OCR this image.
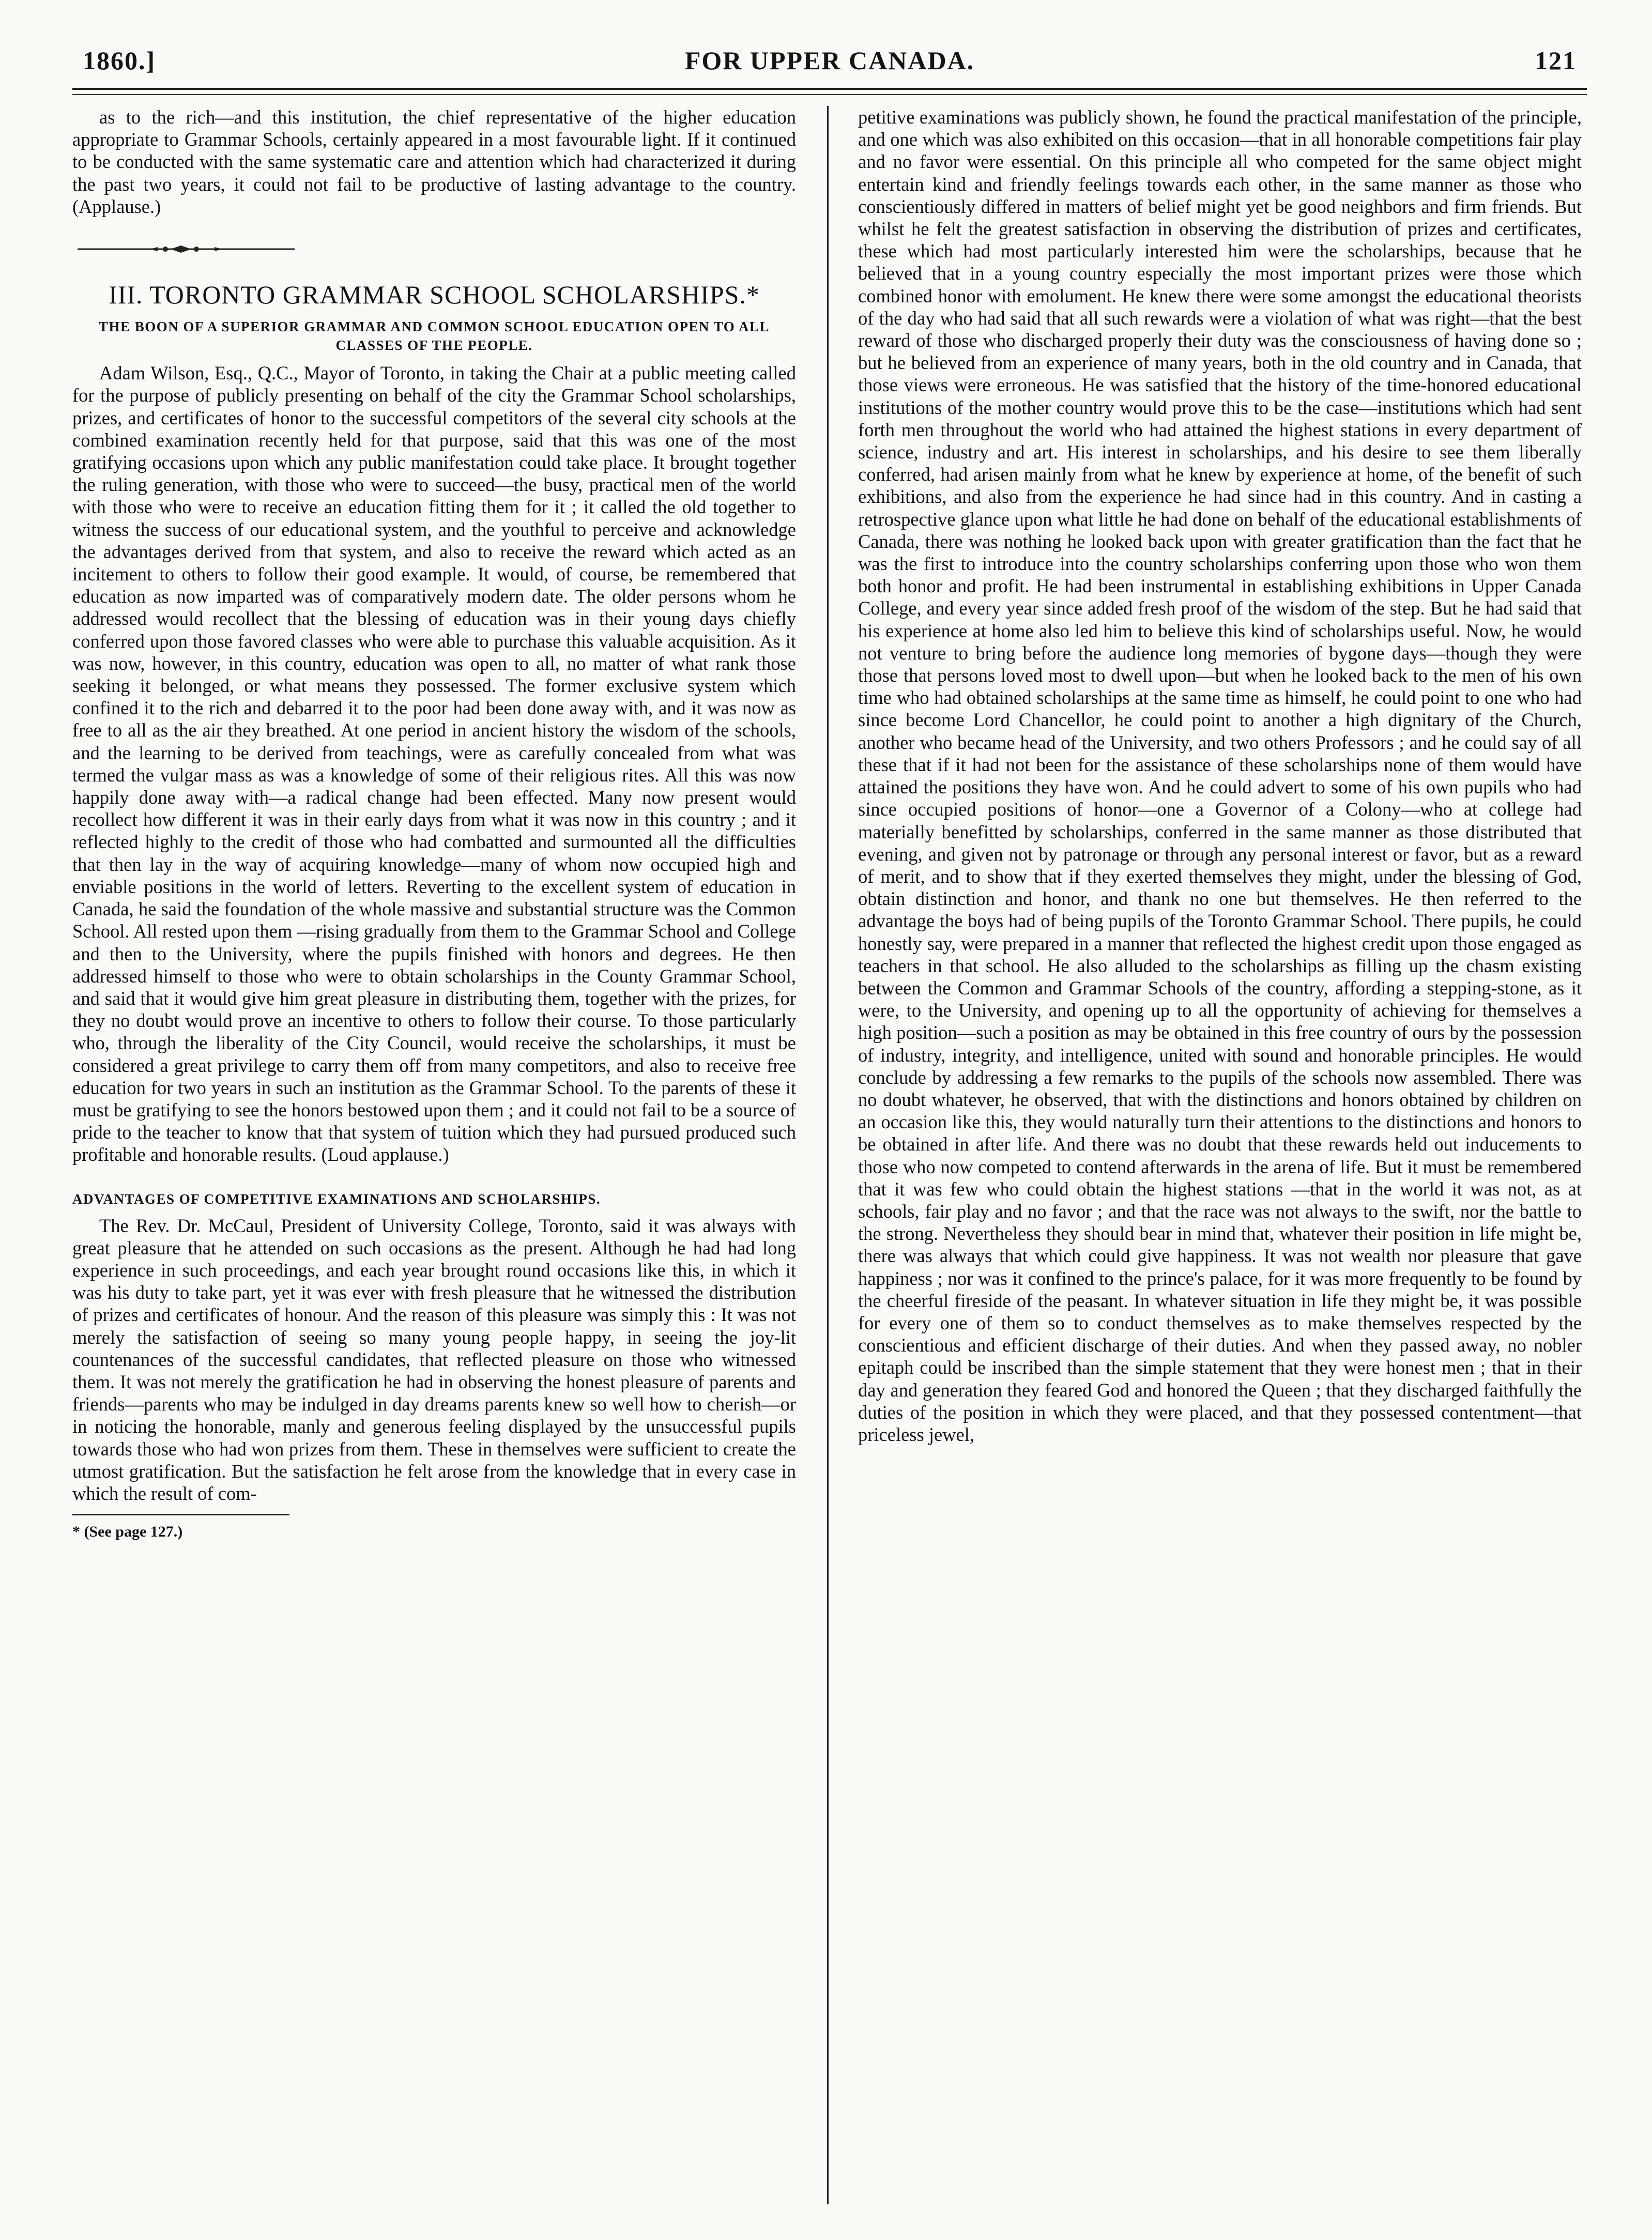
1860.]	FOR UPPER CANADA.	121

as to the rich—and this institution, the chief representative of the higher education appropriate to Grammar Schools, certainly appeared in a most favourable light. If it continued to be conducted with the same systematic care and attention which had characterized it during the past two years, it could not fail to be productive of lasting advantage to the country. (Applause.)

III. TORONTO GRAMMAR SCHOOL SCHOLARSHIPS.*
THE BOON OF A SUPERIOR GRAMMAR AND COMMON SCHOOL EDUCATION OPEN TO ALL CLASSES OF THE PEOPLE.

Adam Wilson, Esq., Q.C., Mayor of Toronto, in taking the Chair at a public meeting called for the purpose of publicly presenting on behalf of the city the Grammar School scholarships, prizes, and certificates of honor to the successful competitors of the several city schools at the combined examination recently held for that purpose, said that this was one of the most gratifying occasions upon which any public manifestation could take place. It brought together the ruling generation, with those who were to succeed—the busy, practical men of the world with those who were to receive an education fitting them for it ; it called the old together to witness the success of our educational system, and the youthful to perceive and acknowledge the advantages derived from that system, and also to receive the reward which acted as an incitement to others to follow their good example. It would, of course, be remembered that education as now imparted was of comparatively modern date. The older persons whom he addressed would recollect that the blessing of education was in their young days chiefly conferred upon those favored classes who were able to purchase this valuable acquisition. As it was now, however, in this country, education was open to all, no matter of what rank those seeking it belonged, or what means they possessed. The former exclusive system which confined it to the rich and debarred it to the poor had been done away with, and it was now as free to all as the air they breathed. At one period in ancient history the wisdom of the schools, and the learning to be derived from teachings, were as carefully concealed from what was termed the vulgar mass as was a knowledge of some of their religious rites. All this was now happily done away with—a radical change had been effected. Many now present would recollect how different it was in their early days from what it was now in this country ; and it reflected highly to the credit of those who had combatted and surmounted all the difficulties that then lay in the way of acquiring knowledge—many of whom now occupied high and enviable positions in the world of letters. Reverting to the excellent system of education in Canada, he said the foundation of the whole massive and substantial structure was the Common School. All rested upon them —rising gradually from them to the Grammar School and College and then to the University, where the pupils finished with honors and degrees. He then addressed himself to those who were to obtain scholarships in the County Grammar School, and said that it would give him great pleasure in distributing them, together with the prizes, for they no doubt would prove an incentive to others to follow their course. To those particularly who, through the liberality of the City Council, would receive the scholarships, it must be considered a great privilege to carry them off from many competitors, and also to receive free education for two years in such an institution as the Grammar School. To the parents of these it must be gratifying to see the honors bestowed upon them ; and it could not fail to be a source of pride to the teacher to know that that system of tuition which they had pursued produced such profitable and honorable results. (Loud applause.)

ADVANTAGES OF COMPETITIVE EXAMINATIONS AND SCHOLARSHIPS.

The Rev. Dr. McCaul, President of University College, Toronto, said it was always with great pleasure that he attended on such occasions as the present. Although he had had long experience in such proceedings, and each year brought round occasions like this, in which it was his duty to take part, yet it was ever with fresh pleasure that he witnessed the distribution of prizes and certificates of honour. And the reason of this pleasure was simply this : It was not merely the satisfaction of seeing so many young people happy, in seeing the joy-lit countenances of the successful candidates, that reflected pleasure on those who witnessed them. It was not merely the gratification he had in observing the honest pleasure of parents and friends—parents who may be indulged in day dreams parents knew so well how to cherish—or in noticing the honorable, manly and generous feeling displayed by the unsuccessful pupils towards those who had won prizes from them. These in themselves were sufficient to create the utmost gratification. But the satisfaction he felt arose from the knowledge that in every case in which the result of com-

* (See page 127.)

petitive examinations was publicly shown, he found the practical manifestation of the principle, and one which was also exhibited on this occasion—that in all honorable competitions fair play and no favor were essential. On this principle all who competed for the same object might entertain kind and friendly feelings towards each other, in the same manner as those who conscientiously differed in matters of belief might yet be good neighbors and firm friends. But whilst he felt the greatest satisfaction in observing the distribution of prizes and certificates, these which had most particularly interested him were the scholarships, because that he believed that in a young country especially the most important prizes were those which combined honor with emolument. He knew there were some amongst the educational theorists of the day who had said that all such rewards were a violation of what was right—that the best reward of those who discharged properly their duty was the consciousness of having done so ; but he believed from an experience of many years, both in the old country and in Canada, that those views were erroneous. He was satisfied that the history of the time-honored educational institutions of the mother country would prove this to be the case—institutions which had sent forth men throughout the world who had attained the highest stations in every department of science, industry and art. His interest in scholarships, and his desire to see them liberally conferred, had arisen mainly from what he knew by experience at home, of the benefit of such exhibitions, and also from the experience he had since had in this country. And in casting a retrospective glance upon what little he had done on behalf of the educational establishments of Canada, there was nothing he looked back upon with greater gratification than the fact that he was the first to introduce into the country scholarships conferring upon those who won them both honor and profit. He had been instrumental in establishing exhibitions in Upper Canada College, and every year since added fresh proof of the wisdom of the step. But he had said that his experience at home also led him to believe this kind of scholarships useful. Now, he would not venture to bring before the audience long memories of bygone days—though they were those that persons loved most to dwell upon—but when he looked back to the men of his own time who had obtained scholarships at the same time as himself, he could point to one who had since become Lord Chancellor, he could point to another a high dignitary of the Church, another who became head of the University, and two others Professors ; and he could say of all these that if it had not been for the assistance of these scholarships none of them would have attained the positions they have won. And he could advert to some of his own pupils who had since occupied positions of honor—one a Governor of a Colony—who at college had materially benefitted by scholarships, conferred in the same manner as those distributed that evening, and given not by patronage or through any personal interest or favor, but as a reward of merit, and to show that if they exerted themselves they might, under the blessing of God, obtain distinction and honor, and thank no one but themselves. He then referred to the advantage the boys had of being pupils of the Toronto Grammar School. There pupils, he could honestly say, were prepared in a manner that reflected the highest credit upon those engaged as teachers in that school. He also alluded to the scholarships as filling up the chasm existing between the Common and Grammar Schools of the country, affording a stepping-stone, as it were, to the University, and opening up to all the opportunity of achieving for themselves a high position—such a position as may be obtained in this free country of ours by the possession of industry, integrity, and intelligence, united with sound and honorable principles. He would conclude by addressing a few remarks to the pupils of the schools now assembled. There was no doubt whatever, he observed, that with the distinctions and honors obtained by children on an occasion like this, they would naturally turn their attentions to the distinctions and honors to be obtained in after life. And there was no doubt that these rewards held out inducements to those who now competed to contend afterwards in the arena of life. But it must be remembered that it was few who could obtain the highest stations —that in the world it was not, as at schools, fair play and no favor ; and that the race was not always to the swift, nor the battle to the strong. Nevertheless they should bear in mind that, whatever their position in life might be, there was always that which could give happiness. It was not wealth nor pleasure that gave happiness ; nor was it confined to the prince's palace, for it was more frequently to be found by the cheerful fireside of the peasant. In whatever situation in life they might be, it was possible for every one of them so to conduct themselves as to make themselves respected by the conscientious and efficient discharge of their duties. And when they passed away, no nobler epitaph could be inscribed than the simple statement that they were honest men ; that in their day and generation they feared God and honored the Queen ; that they discharged faithfully the duties of the position in which they were placed, and that they possessed contentment—that priceless jewel,
